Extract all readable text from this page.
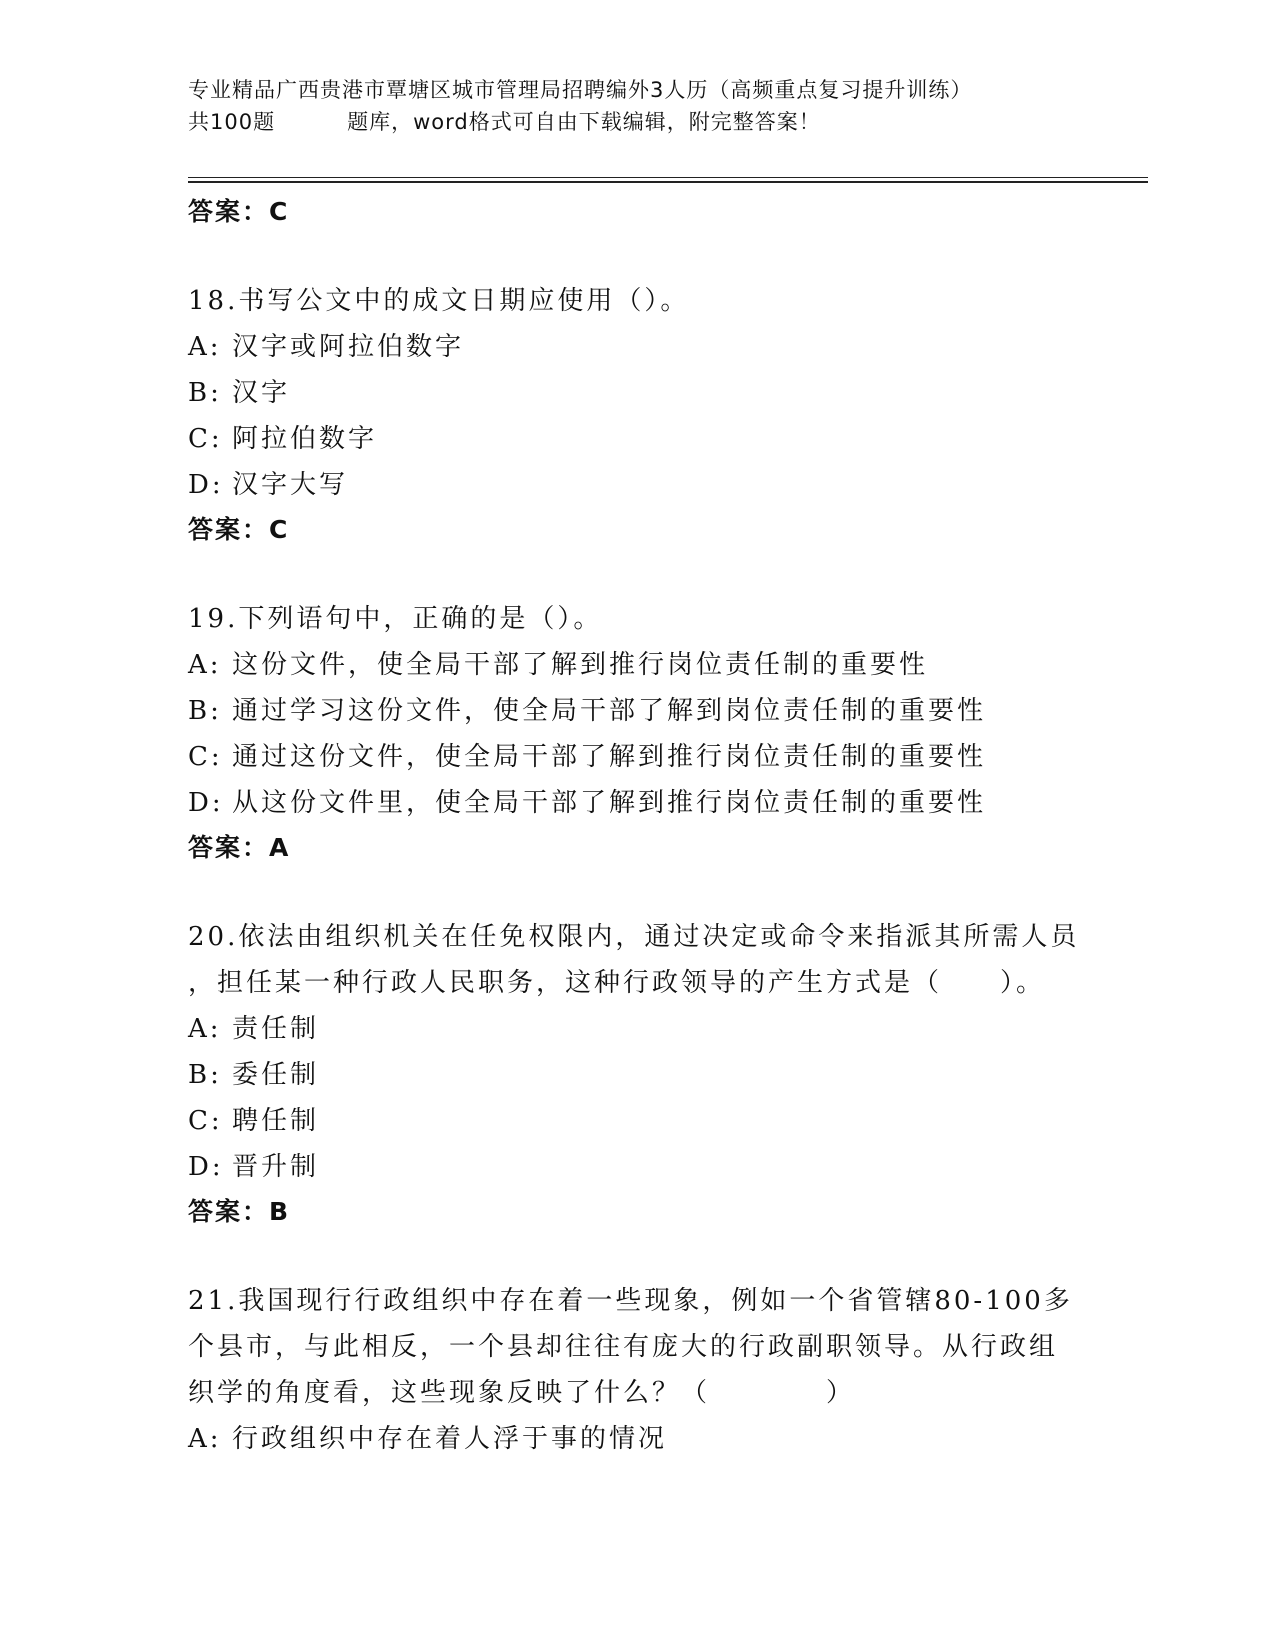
专业精品广西贵港市覃塘区城市管理局招聘编外3人历（高频重点复习提升训练）
共100题	题库，word格式可自由下载编辑，附完整答案！
答案：C
18.书写公文中的成文日期应使用（）。
A: 汉字或阿拉伯数字
B: 汉字
C: 阿拉伯数字
D: 汉字大写
答案：C
19.下列语句中，正确的是（）。
A: 这份文件，使全局干部了解到推行岗位责任制的重要性
B: 通过学习这份文件，使全局干部了解到岗位责任制的重要性
C: 通过这份文件，使全局干部了解到推行岗位责任制的重要性
D: 从这份文件里，使全局干部了解到推行岗位责任制的重要性
答案：A
20.依法由组织机关在任免权限内，通过决定或命令来指派其所需人员
，担任某一种行政人民职务，这种行政领导的产生方式是（　　）。
A: 责任制
B: 委任制
C: 聘任制
D: 晋升制
答案：B
21.我国现行行政组织中存在着一些现象，例如一个省管辖80-100多
个县市，与此相反，一个县却往往有庞大的行政副职领导。从行政组
织学的角度看，这些现象反映了什么？（　　　　）
A: 行政组织中存在着人浮于事的情况
